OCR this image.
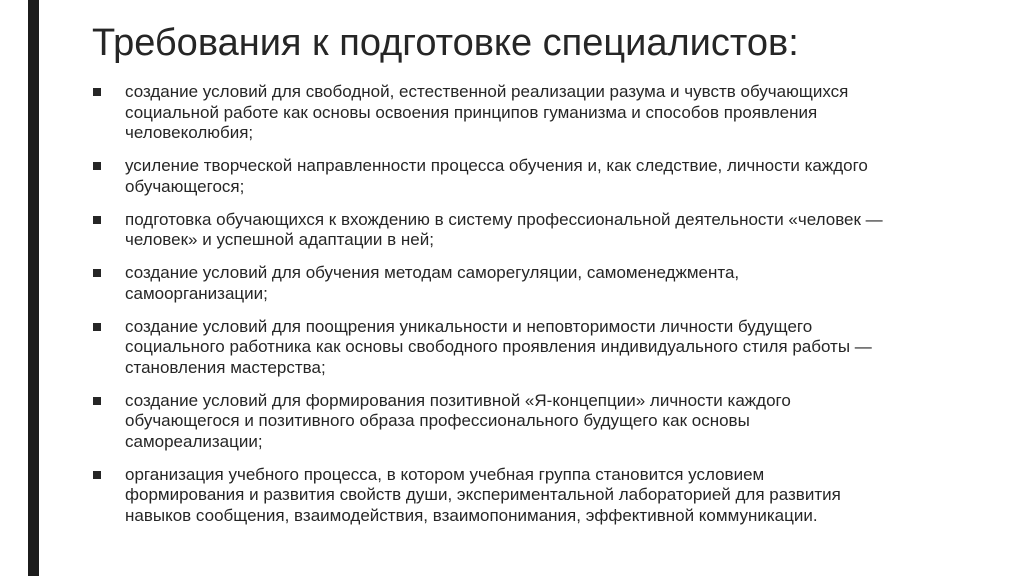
Требования к подготовке специалистов:
создание условий для свободной, естественной реализации разума и чувств обучающихся
социальной работе как основы освоения принципов гуманизма и способов проявления
человеколюбия;
усиление творческой направленности процесса обучения и, как следствие, личности каждого
обучающегося;
подготовка обучающихся к вхождению в систему профессиональной деятельности «человек —
человек» и успешной адаптации в ней;
создание условий для обучения методам саморегуляции, самоменеджмента,
самоорганизации;
создание условий для поощрения уникальности и неповторимости личности будущего
социального работника как основы свободного проявления индивидуального стиля работы —
становления мастерства;
создание условий для формирования позитивной «Я-концепции» личности каждого
обучающегося и позитивного образа профессионального будущего как основы
самореализации;
организация учебного процесса, в котором учебная группа становится условием
формирования и развития свойств души, экспериментальной лабораторией для развития
навыков сообщения, взаимодействия, взаимопонимания, эффективной коммуникации.
